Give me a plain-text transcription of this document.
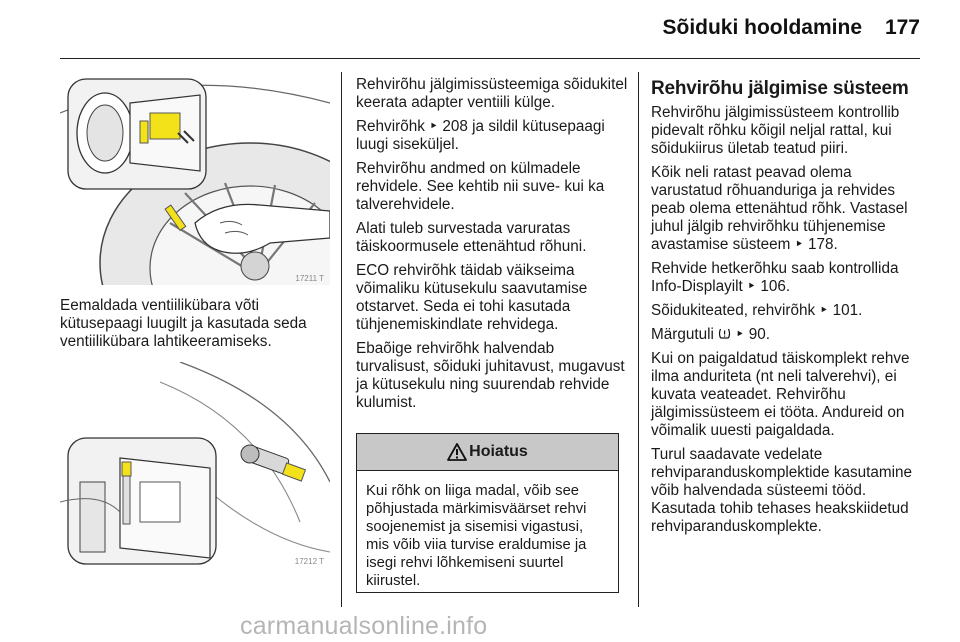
Sõiduki hooldamine 177
17211 T

Eemaldada ventiilikübara võti kütusepaagi luugilt ja kasutada seda ventiilikübara lahtikeeramiseks.

17212 T

Rehvirõhu jälgimissüsteemiga sõidukitel keerata adapter ventiili külge.

Rehvirõhk ‣ 208 ja sildil kütusepaagi luugi siseküljel.

Rehvirõhu andmed on külmadele rehvidele. See kehtib nii suve- kui ka talverehvidele.

Alati tuleb survestada varuratas täiskoormusele ettenähtud rõhuni.

ECO rehvirõhk täidab väikseima võimaliku kütusekulu saavutamise otstarvet. Seda ei tohi kasutada tühjenemiskindlate rehvidega.

Ebaõige rehvirõhk halvendab turvalisust, sõiduki juhitavust, mugavust ja kütusekulu ning suurendab rehvide kulumist.

Hoiatus
Kui rõhk on liiga madal, võib see põhjustada märkimisväärset rehvi soojenemist ja sisemisi vigastusi, mis võib viia turvise eraldumise ja isegi rehvi lõhkemiseni suurtel kiirustel.
Rehvirõhu jälgimise süsteem

Rehvirõhu jälgimissüsteem kontrollib pidevalt rõhku kõigil neljal rattal, kui sõidukiirus ületab teatud piiri.

Kõik neli ratast peavad olema varustatud rõhuanduriga ja rehvides peab olema ettenähtud rõhk. Vastasel juhul jälgib rehvirõhku tühjenemise avastamise süsteem ‣ 178.

Rehvide hetkerõhku saab kontrollida Info-Displayilt ‣ 106.

Sõidukiteated, rehvirõhk ‣ 101.

Märgutuli ‣ 90.

Kui on paigaldatud täiskomplekt rehve ilma anduriteta (nt neli talverehvi), ei kuvata veateadet. Rehvirõhu jälgimissüsteem ei tööta. Andureid on võimalik uuesti paigaldada.

Turul saadavate vedelate rehviparanduskomplektide kasutamine võib halvendada süsteemi tööd. Kasutada tohib tehases heakskiidetud rehviparanduskomplekte.

carmanualsonline.info
